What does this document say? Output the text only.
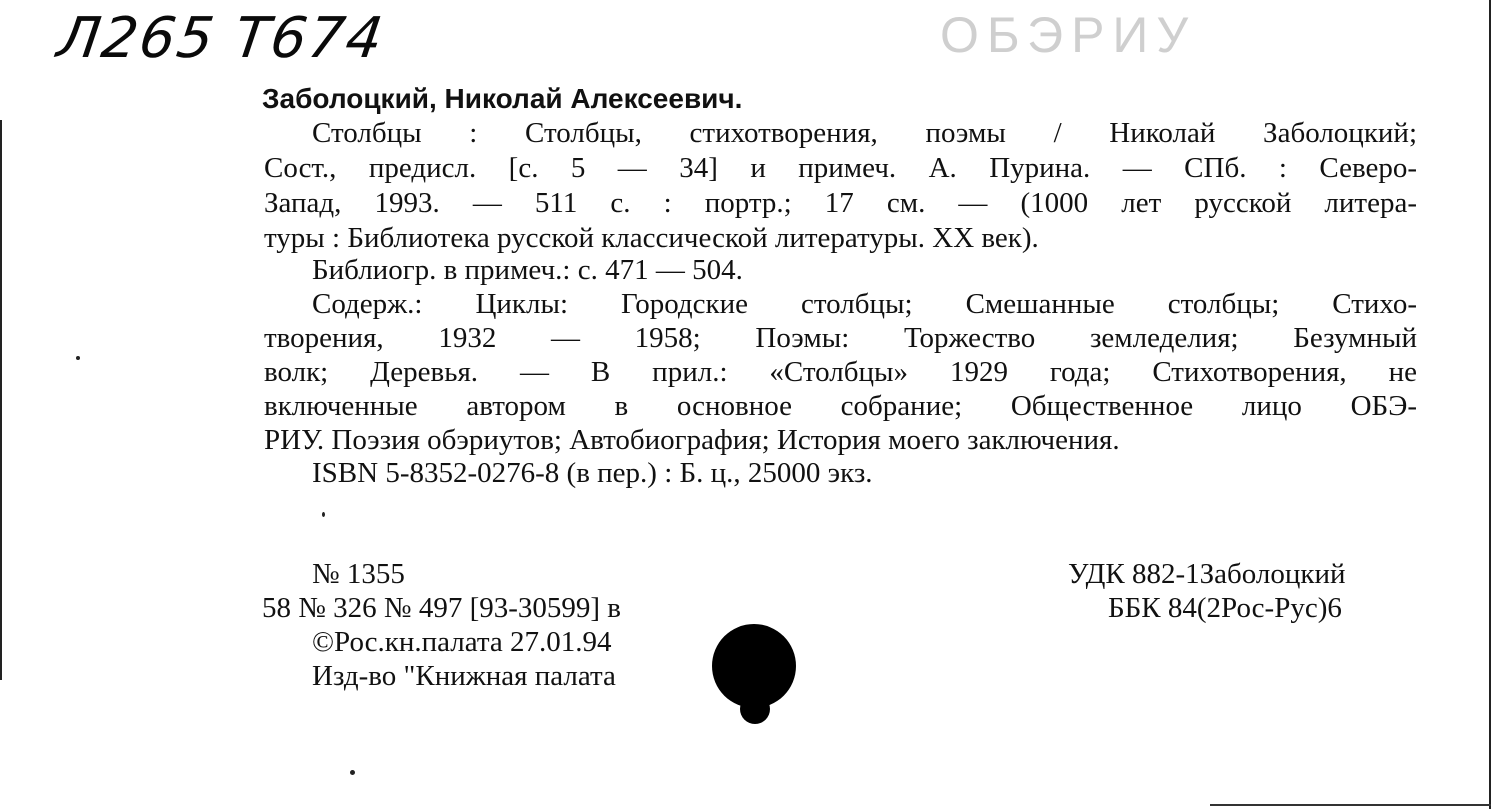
Л265 Т674	ОБЭРИУ
Заболоцкий, Николай Алексеевич.
Столбцы : Столбцы, стихотворения, поэмы / Николай Заболоцкий;
Сост., предисл. [с. 5 — 34] и примеч. А. Пурина. — СПб. : Северо-
Запад, 1993. — 511 с. : портр.; 17 см. — (1000 лет русской литера-
туры : Библиотека русской классической литературы. XX век).
Библиогр. в примеч.: с. 471 — 504.
Содерж.: Циклы: Городские столбцы; Смешанные столбцы; Стихо-
творения, 1932 — 1958; Поэмы: Торжество земледелия; Безумный
волк; Деревья. — В прил.: «Столбцы» 1929 года; Стихотворения, не
включенные автором в основное собрание; Общественное лицо ОБЭ-
РИУ. Поэзия обэриутов; Автобиография; История моего заключения.
ISBN 5-8352-0276-8 (в пер.) : Б. ц., 25000 экз.
№ 1355
58 № 326 № 497 [93-30599] в
©Рос.кн.палата 27.01.94
Изд-во "Книжная палата
УДК 882-1Заболоцкий
ББК 84(2Рос-Рус)6
